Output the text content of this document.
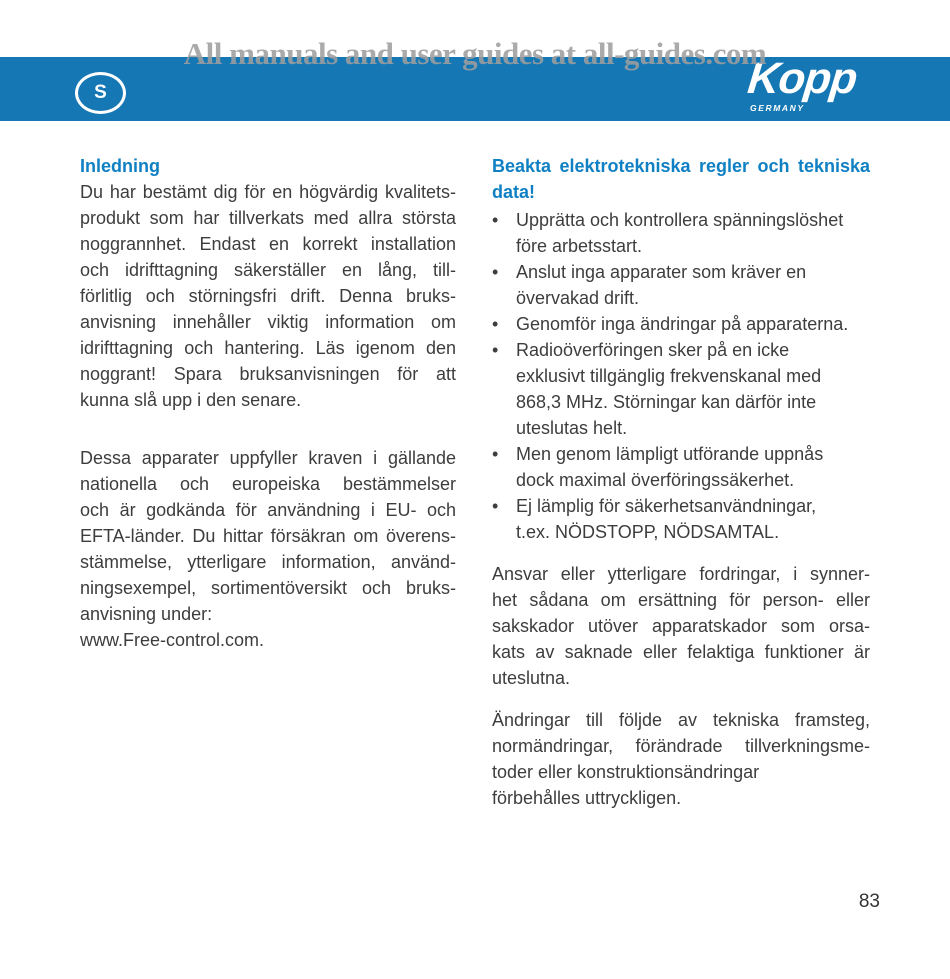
All manuals and user guides at all-guides.com
S	Kopp
GERMANY
Inledning
Du har bestämt dig för en högvärdig kvalitets-
produkt som har tillverkats med allra största
noggrannhet. Endast en korrekt installation
och idrifttagning säkerställer en lång, till-
förlitlig och störningsfri drift. Denna bruks-
anvisning innehåller viktig information om
idrifttagning och hantering. Läs igenom den
noggrant! Spara bruksanvisningen för att
kunna slå upp i den senare.
Dessa apparater uppfyller kraven i gällande
nationella och europeiska bestämmelser
och är godkända för användning i EU- och
EFTA-länder. Du hittar försäkran om överens-
stämmelse, ytterligare information, använd-
ningsexempel, sortimentöversikt och bruks-
anvisning under:
www.Free-control.com.
Beakta elektrotekniska regler och tekniska
data!
• Upprätta och kontrollera spänningslöshet
före arbetsstart.
• Anslut inga apparater som kräver en
övervakad drift.
• Genomför inga ändringar på apparaterna.
• Radioöverföringen sker på en icke
exklusivt tillgänglig frekvenskanal med
868,3 MHz. Störningar kan därför inte
uteslutas helt.
• Men genom lämpligt utförande uppnås
dock maximal överföringssäkerhet.
• Ej lämplig för säkerhetsanvändningar,
t.ex. NÖDSTOPP, NÖDSAMTAL.
Ansvar eller ytterligare fordringar, i synner-
het sådana om ersättning för person- eller
sakskador utöver apparatskador som orsa-
kats av saknade eller felaktiga funktioner är
uteslutna.
Ändringar till följde av tekniska framsteg,
normändringar, förändrade tillverkningsme-
toder eller konstruktionsändringar
förbehålles uttryckligen.
83
